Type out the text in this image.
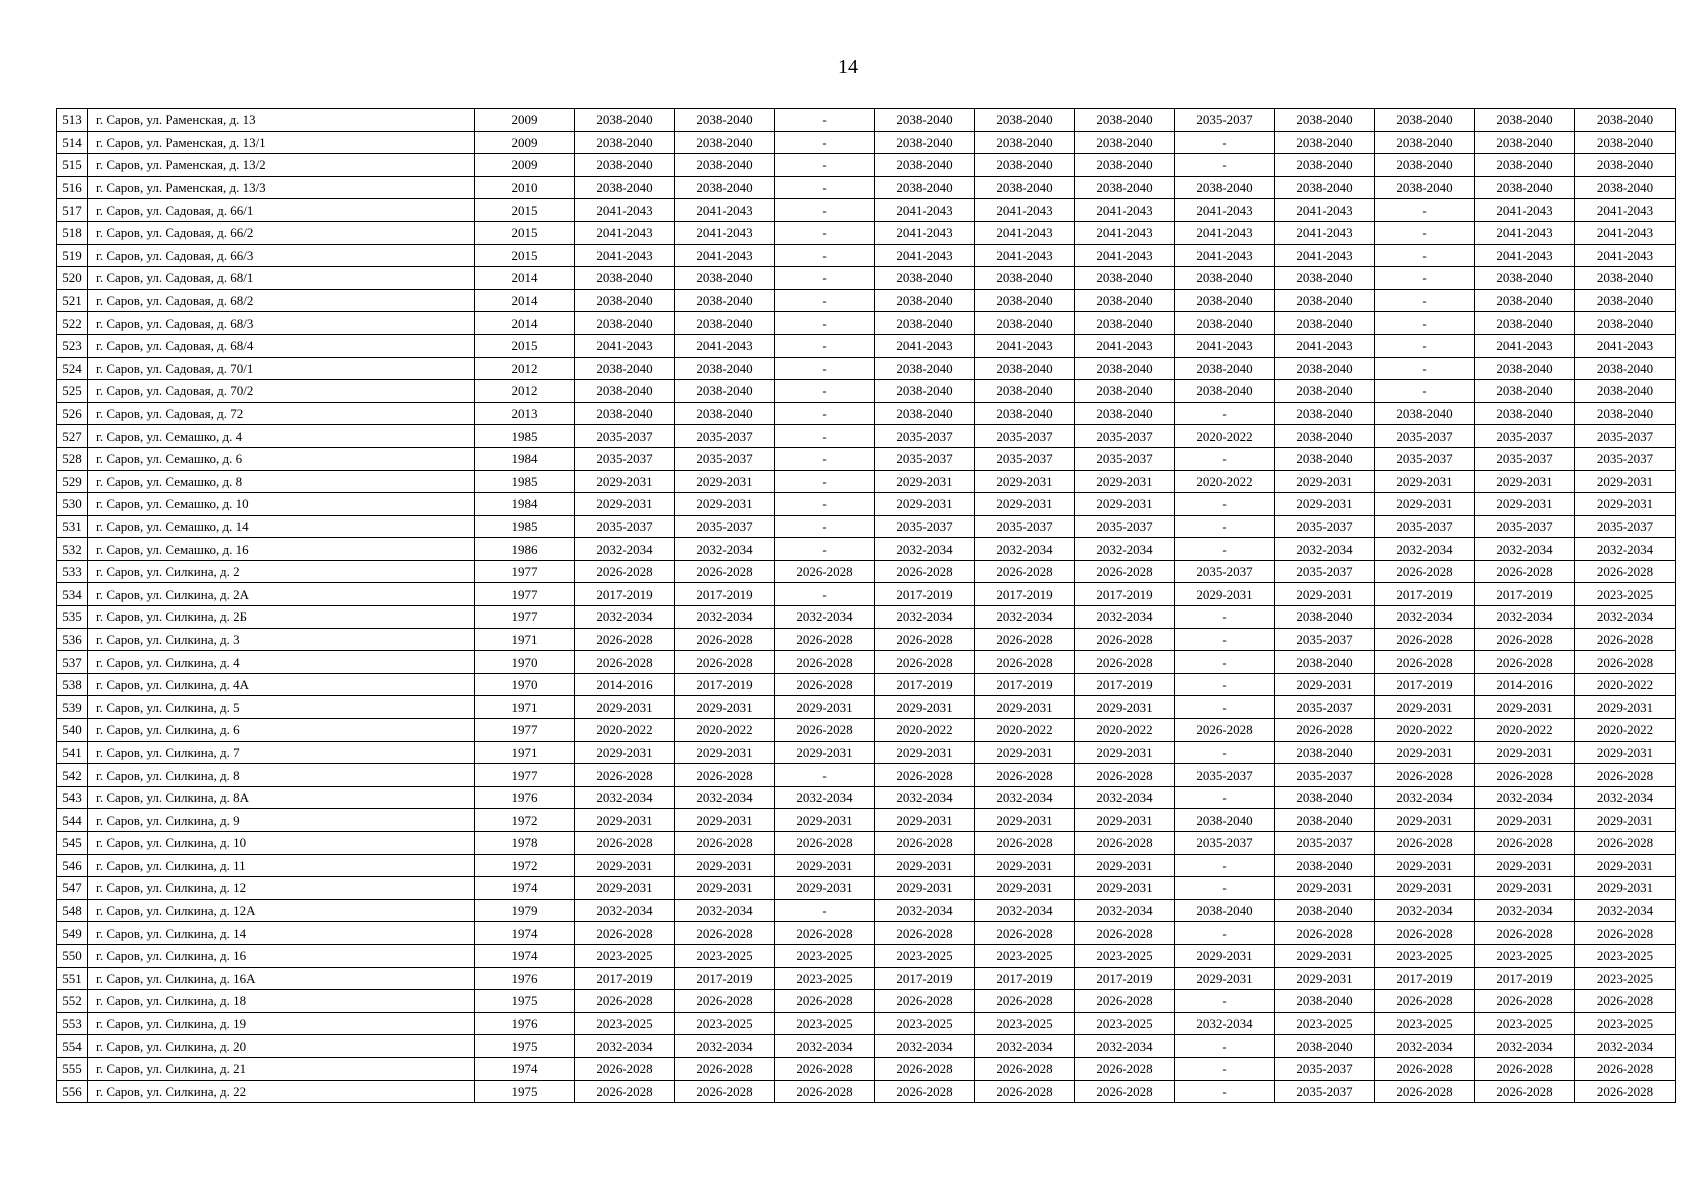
14
513	г. Саров, ул. Раменская, д. 13	2009	2038-2040	2038-2040	-	2038-2040	2038-2040	2038-2040	2035-2037	2038-2040	2038-2040	2038-2040	2038-2040
514	г. Саров, ул. Раменская, д. 13/1	2009	2038-2040	2038-2040	-	2038-2040	2038-2040	2038-2040	-	2038-2040	2038-2040	2038-2040	2038-2040
515	г. Саров, ул. Раменская, д. 13/2	2009	2038-2040	2038-2040	-	2038-2040	2038-2040	2038-2040	-	2038-2040	2038-2040	2038-2040	2038-2040
516	г. Саров, ул. Раменская, д. 13/3	2010	2038-2040	2038-2040	-	2038-2040	2038-2040	2038-2040	2038-2040	2038-2040	2038-2040	2038-2040	2038-2040
517	г. Саров, ул. Садовая, д. 66/1	2015	2041-2043	2041-2043	-	2041-2043	2041-2043	2041-2043	2041-2043	2041-2043	-	2041-2043	2041-2043
518	г. Саров, ул. Садовая, д. 66/2	2015	2041-2043	2041-2043	-	2041-2043	2041-2043	2041-2043	2041-2043	2041-2043	-	2041-2043	2041-2043
519	г. Саров, ул. Садовая, д. 66/3	2015	2041-2043	2041-2043	-	2041-2043	2041-2043	2041-2043	2041-2043	2041-2043	-	2041-2043	2041-2043
520	г. Саров, ул. Садовая, д. 68/1	2014	2038-2040	2038-2040	-	2038-2040	2038-2040	2038-2040	2038-2040	2038-2040	-	2038-2040	2038-2040
521	г. Саров, ул. Садовая, д. 68/2	2014	2038-2040	2038-2040	-	2038-2040	2038-2040	2038-2040	2038-2040	2038-2040	-	2038-2040	2038-2040
522	г. Саров, ул. Садовая, д. 68/3	2014	2038-2040	2038-2040	-	2038-2040	2038-2040	2038-2040	2038-2040	2038-2040	-	2038-2040	2038-2040
523	г. Саров, ул. Садовая, д. 68/4	2015	2041-2043	2041-2043	-	2041-2043	2041-2043	2041-2043	2041-2043	2041-2043	-	2041-2043	2041-2043
524	г. Саров, ул. Садовая, д. 70/1	2012	2038-2040	2038-2040	-	2038-2040	2038-2040	2038-2040	2038-2040	2038-2040	-	2038-2040	2038-2040
525	г. Саров, ул. Садовая, д. 70/2	2012	2038-2040	2038-2040	-	2038-2040	2038-2040	2038-2040	2038-2040	2038-2040	-	2038-2040	2038-2040
526	г. Саров, ул. Садовая, д. 72	2013	2038-2040	2038-2040	-	2038-2040	2038-2040	2038-2040	-	2038-2040	2038-2040	2038-2040	2038-2040
527	г. Саров, ул. Семашко, д. 4	1985	2035-2037	2035-2037	-	2035-2037	2035-2037	2035-2037	2020-2022	2038-2040	2035-2037	2035-2037	2035-2037
528	г. Саров, ул. Семашко, д. 6	1984	2035-2037	2035-2037	-	2035-2037	2035-2037	2035-2037	-	2038-2040	2035-2037	2035-2037	2035-2037
529	г. Саров, ул. Семашко, д. 8	1985	2029-2031	2029-2031	-	2029-2031	2029-2031	2029-2031	2020-2022	2029-2031	2029-2031	2029-2031	2029-2031
530	г. Саров, ул. Семашко, д. 10	1984	2029-2031	2029-2031	-	2029-2031	2029-2031	2029-2031	-	2029-2031	2029-2031	2029-2031	2029-2031
531	г. Саров, ул. Семашко, д. 14	1985	2035-2037	2035-2037	-	2035-2037	2035-2037	2035-2037	-	2035-2037	2035-2037	2035-2037	2035-2037
532	г. Саров, ул. Семашко, д. 16	1986	2032-2034	2032-2034	-	2032-2034	2032-2034	2032-2034	-	2032-2034	2032-2034	2032-2034	2032-2034
533	г. Саров, ул. Силкина, д. 2	1977	2026-2028	2026-2028	2026-2028	2026-2028	2026-2028	2026-2028	2035-2037	2035-2037	2026-2028	2026-2028	2026-2028
534	г. Саров, ул. Силкина, д. 2А	1977	2017-2019	2017-2019	-	2017-2019	2017-2019	2017-2019	2029-2031	2029-2031	2017-2019	2017-2019	2023-2025
535	г. Саров, ул. Силкина, д. 2Б	1977	2032-2034	2032-2034	2032-2034	2032-2034	2032-2034	2032-2034	-	2038-2040	2032-2034	2032-2034	2032-2034
536	г. Саров, ул. Силкина, д. 3	1971	2026-2028	2026-2028	2026-2028	2026-2028	2026-2028	2026-2028	-	2035-2037	2026-2028	2026-2028	2026-2028
537	г. Саров, ул. Силкина, д. 4	1970	2026-2028	2026-2028	2026-2028	2026-2028	2026-2028	2026-2028	-	2038-2040	2026-2028	2026-2028	2026-2028
538	г. Саров, ул. Силкина, д. 4А	1970	2014-2016	2017-2019	2026-2028	2017-2019	2017-2019	2017-2019	-	2029-2031	2017-2019	2014-2016	2020-2022
539	г. Саров, ул. Силкина, д. 5	1971	2029-2031	2029-2031	2029-2031	2029-2031	2029-2031	2029-2031	-	2035-2037	2029-2031	2029-2031	2029-2031
540	г. Саров, ул. Силкина, д. 6	1977	2020-2022	2020-2022	2026-2028	2020-2022	2020-2022	2020-2022	2026-2028	2026-2028	2020-2022	2020-2022	2020-2022
541	г. Саров, ул. Силкина, д. 7	1971	2029-2031	2029-2031	2029-2031	2029-2031	2029-2031	2029-2031	-	2038-2040	2029-2031	2029-2031	2029-2031
542	г. Саров, ул. Силкина, д. 8	1977	2026-2028	2026-2028	-	2026-2028	2026-2028	2026-2028	2035-2037	2035-2037	2026-2028	2026-2028	2026-2028
543	г. Саров, ул. Силкина, д. 8А	1976	2032-2034	2032-2034	2032-2034	2032-2034	2032-2034	2032-2034	-	2038-2040	2032-2034	2032-2034	2032-2034
544	г. Саров, ул. Силкина, д. 9	1972	2029-2031	2029-2031	2029-2031	2029-2031	2029-2031	2029-2031	2038-2040	2038-2040	2029-2031	2029-2031	2029-2031
545	г. Саров, ул. Силкина, д. 10	1978	2026-2028	2026-2028	2026-2028	2026-2028	2026-2028	2026-2028	2035-2037	2035-2037	2026-2028	2026-2028	2026-2028
546	г. Саров, ул. Силкина, д. 11	1972	2029-2031	2029-2031	2029-2031	2029-2031	2029-2031	2029-2031	-	2038-2040	2029-2031	2029-2031	2029-2031
547	г. Саров, ул. Силкина, д. 12	1974	2029-2031	2029-2031	2029-2031	2029-2031	2029-2031	2029-2031	-	2029-2031	2029-2031	2029-2031	2029-2031
548	г. Саров, ул. Силкина, д. 12А	1979	2032-2034	2032-2034	-	2032-2034	2032-2034	2032-2034	2038-2040	2038-2040	2032-2034	2032-2034	2032-2034
549	г. Саров, ул. Силкина, д. 14	1974	2026-2028	2026-2028	2026-2028	2026-2028	2026-2028	2026-2028	-	2026-2028	2026-2028	2026-2028	2026-2028
550	г. Саров, ул. Силкина, д. 16	1974	2023-2025	2023-2025	2023-2025	2023-2025	2023-2025	2023-2025	2029-2031	2029-2031	2023-2025	2023-2025	2023-2025
551	г. Саров, ул. Силкина, д. 16А	1976	2017-2019	2017-2019	2023-2025	2017-2019	2017-2019	2017-2019	2029-2031	2029-2031	2017-2019	2017-2019	2023-2025
552	г. Саров, ул. Силкина, д. 18	1975	2026-2028	2026-2028	2026-2028	2026-2028	2026-2028	2026-2028	-	2038-2040	2026-2028	2026-2028	2026-2028
553	г. Саров, ул. Силкина, д. 19	1976	2023-2025	2023-2025	2023-2025	2023-2025	2023-2025	2023-2025	2032-2034	2023-2025	2023-2025	2023-2025	2023-2025
554	г. Саров, ул. Силкина, д. 20	1975	2032-2034	2032-2034	2032-2034	2032-2034	2032-2034	2032-2034	-	2038-2040	2032-2034	2032-2034	2032-2034
555	г. Саров, ул. Силкина, д. 21	1974	2026-2028	2026-2028	2026-2028	2026-2028	2026-2028	2026-2028	-	2035-2037	2026-2028	2026-2028	2026-2028
556	г. Саров, ул. Силкина, д. 22	1975	2026-2028	2026-2028	2026-2028	2026-2028	2026-2028	2026-2028	-	2035-2037	2026-2028	2026-2028	2026-2028
